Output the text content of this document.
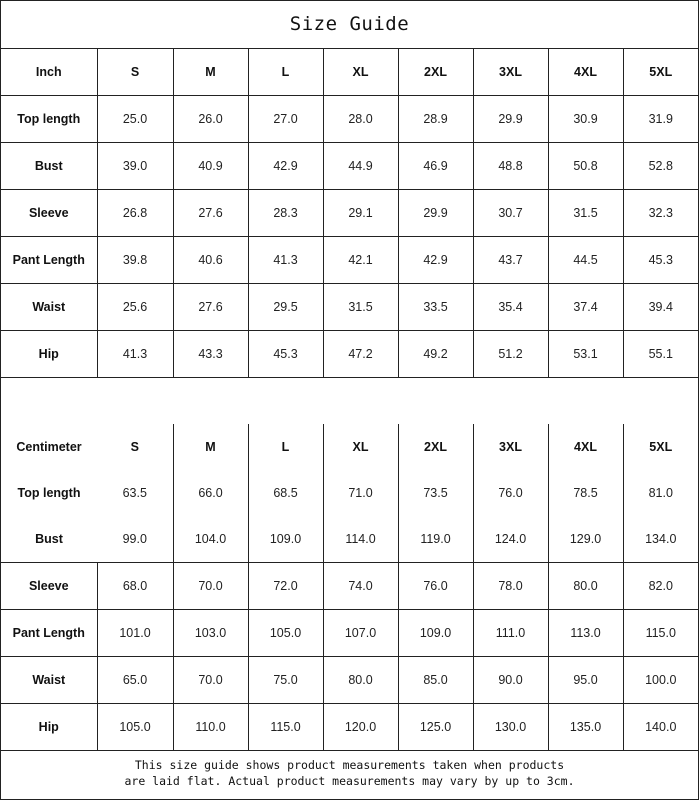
Size Guide
Inch	S	M	L	XL	2XL	3XL	4XL	5XL
Top length	25.0	26.0	27.0	28.0	28.9	29.9	30.9	31.9
Bust	39.0	40.9	42.9	44.9	46.9	48.8	50.8	52.8
Sleeve	26.8	27.6	28.3	29.1	29.9	30.7	31.5	32.3
Pant Length	39.8	40.6	41.3	42.1	42.9	43.7	44.5	45.3
Waist	25.6	27.6	29.5	31.5	33.5	35.4	37.4	39.4
Hip	41.3	43.3	45.3	47.2	49.2	51.2	53.1	55.1
Centimeter	S	M	L	XL	2XL	3XL	4XL	5XL
Top length	63.5	66.0	68.5	71.0	73.5	76.0	78.5	81.0
Bust	99.0	104.0	109.0	114.0	119.0	124.0	129.0	134.0
Sleeve	68.0	70.0	72.0	74.0	76.0	78.0	80.0	82.0
Pant Length	101.0	103.0	105.0	107.0	109.0	111.0	113.0	115.0
Waist	65.0	70.0	75.0	80.0	85.0	90.0	95.0	100.0
Hip	105.0	110.0	115.0	120.0	125.0	130.0	135.0	140.0
This size guide shows product measurements taken when products
are laid flat. Actual product measurements may vary by up to 3cm.
